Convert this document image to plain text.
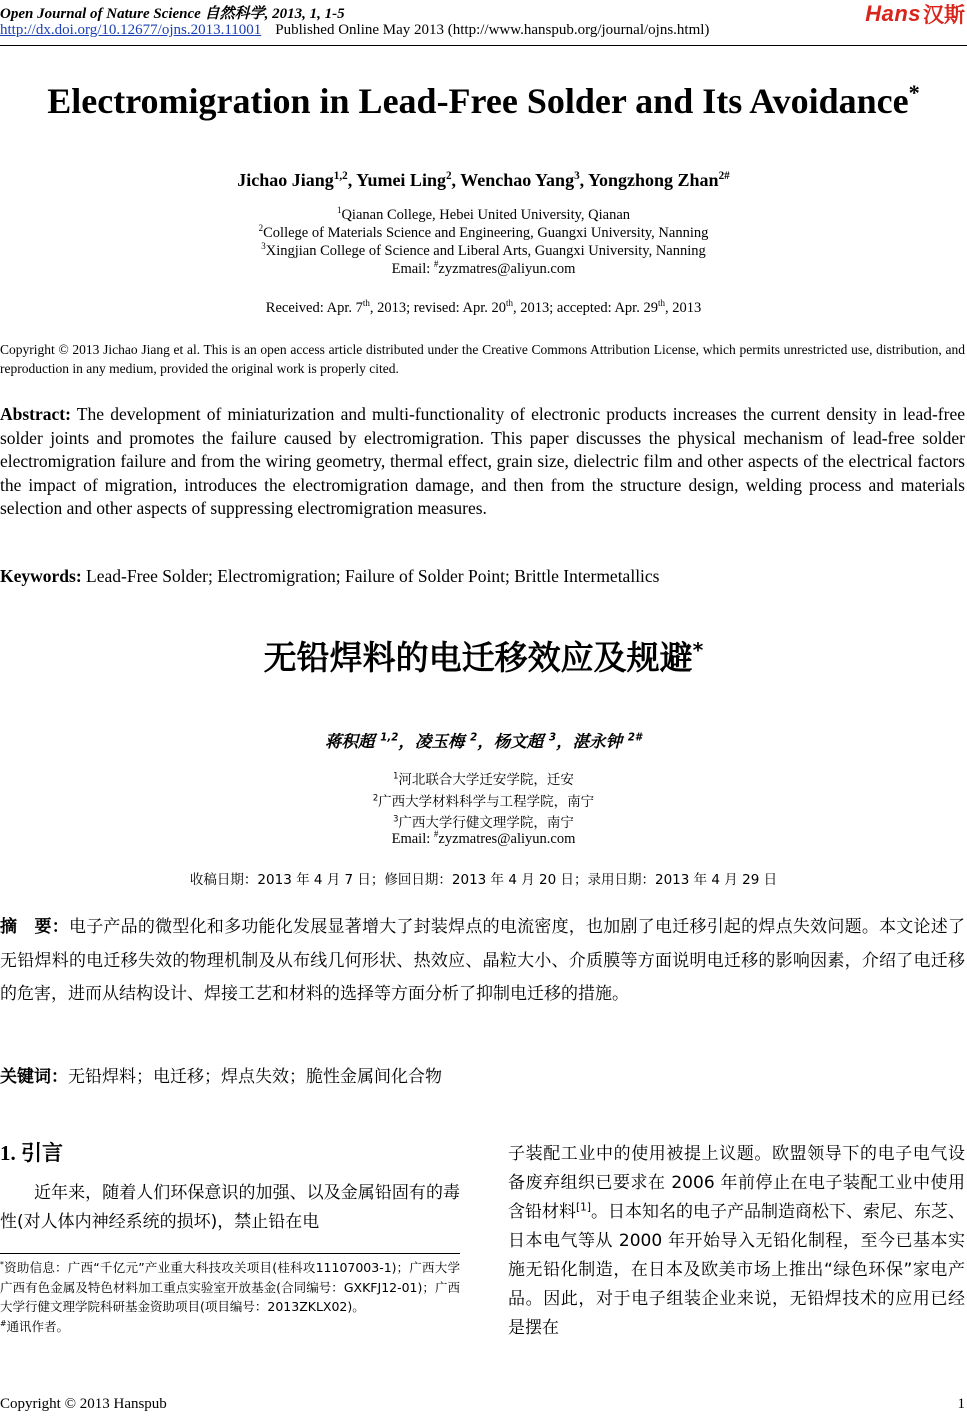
Open Journal of Nature Science 自然科学, 2013, 1, 1-5
http://dx.doi.org/10.12677/ojns.2013.11001 Published Online May 2013 (http://www.hanspub.org/journal/ojns.html)
Hans 汉斯
Electromigration in Lead-Free Solder and Its Avoidance*
Jichao Jiang$^{1,2}$, Yumei Ling$^2$, Wenchao Yang$^3$, Yongzhong Zhan$^{2\#}$
$^1$Qianan College, Hebei United University, Qianan
$^2$College of Materials Science and Engineering, Guangxi University, Nanning
$^3$Xingjian College of Science and Liberal Arts, Guangxi University, Nanning
Email: #zyzmatres@aliyun.com
Received: Apr. 7th, 2013; revised: Apr. 20th, 2013; accepted: Apr. 29th, 2013
Copyright © 2013 Jichao Jiang et al. This is an open access article distributed under the Creative Commons Attribution License, which permits unrestricted use, distribution, and reproduction in any medium, provided the original work is properly cited.
Abstract: The development of miniaturization and multi-functionality of electronic products increases the current density in lead-free solder joints and promotes the failure caused by electromigration. This paper discusses the physical mechanism of lead-free solder electromigration failure and from the wiring geometry, thermal effect, grain size, dielectric film and other aspects of the electrical factors the impact of migration, introduces the electromigration damage, and then from the structure design, welding process and materials selection and other aspects of suppressing electromigration measures.
Keywords: Lead-Free Solder; Electromigration; Failure of Solder Point; Brittle Intermetallics
无铅焊料的电迁移效应及规避*
蒋积超 $^{1,2}$，凌玉梅 $^2$，杨文超 $^3$，湛永钟 $^{2\#}$
$^1$河北联合大学迁安学院，迁安
$^2$广西大学材料科学与工程学院，南宁
$^3$广西大学行健文理学院，南宁
Email: #zyzmatres@aliyun.com
收稿日期：2013 年 4 月 7 日；修回日期：2013 年 4 月 20 日；录用日期：2013 年 4 月 29 日
摘　要：电子产品的微型化和多功能化发展显著增大了封装焊点的电流密度，也加剧了电迁移引起的焊点失效问题。本文论述了无铅焊料的电迁移失效的物理机制及从布线几何形状、热效应、晶粒大小、介质膜等方面说明电迁移的影响因素，介绍了电迁移的危害，进而从结构设计、焊接工艺和材料的选择等方面分析了抑制电迁移的措施。
关键词：无铅焊料；电迁移；焊点失效；脆性金属间化合物
1. 引言
近年来，随着人们环保意识的加强、以及金属铅固有的毒性(对人体内神经系统的损坏)，禁止铅在电
*资助信息：广西“千亿元”产业重大科技攻关项目(桂科攻11107003-1)；广西大学广西有色金属及特色材料加工重点实验室开放基金(合同编号：GXKFJ12-01)；广西大学行健文理学院科研基金资助项目(项目编号：2013ZKLX02)。
#通讯作者。
子装配工业中的使用被提上议题。欧盟领导下的电子电气设备废弃组织已要求在 2006 年前停止在电子装配工业中使用含铅材料[1]。日本知名的电子产品制造商松下、索尼、东芝、日本电气等从 2000 年开始导入无铅化制程，至今已基本实施无铅化制造，在日本及欧美市场上推出“绿色环保”家电产品。因此，对于电子组装企业来说，无铅焊技术的应用已经是摆在
Copyright © 2013 Hanspub	1
